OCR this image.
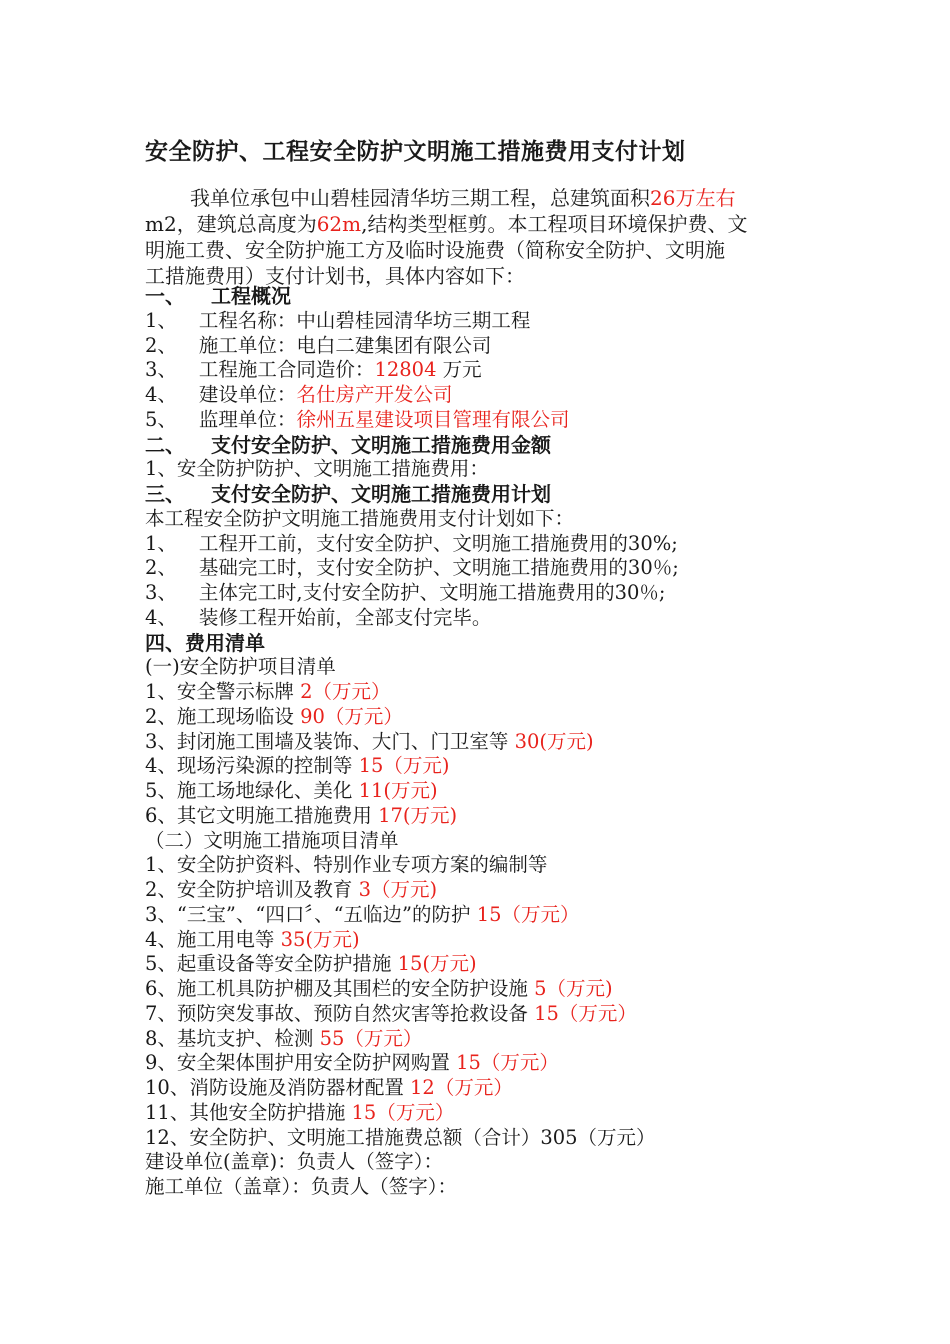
安全防护、工程安全防护文明施工措施费用支付计划

我单位承包中山碧桂园清华坊三期工程，总建筑面积26万左右

m2，建筑总高度为62m,结构类型框剪。本工程项目环境保护费、文

明施工费、安全防护施工方及临时设施费（简称安全防护、文明施

工措施费用）支付计划书，具体内容如下：

一、 工程概况
1、 工程名称：中山碧桂园清华坊三期工程
2、 施工单位：电白二建集团有限公司
3、 工程施工合同造价：12804 万元
4、 建设单位：名仕房产开发公司
5、 监理单位：徐州五星建设项目管理有限公司
二、 支付安全防护、文明施工措施费用金额
1、安全防护防护、文明施工措施费用：
三、 支付安全防护、文明施工措施费用计划
本工程安全防护文明施工措施费用支付计划如下：
1、 工程开工前，支付安全防护、文明施工措施费用的30%;
2、 基础完工时，支付安全防护、文明施工措施费用的30％;
3、 主体完工时,支付安全防护、文明施工措施费用的30％;
4、 装修工程开始前，全部支付完毕。
四、费用清单
(一)安全防护项目清单
1、安全警示标牌 2（万元）
2、施工现场临设 90（万元）
3、封闭施工围墙及装饰、大门、门卫室等 30(万元)
4、现场污染源的控制等 15（万元)
5、施工场地绿化、美化 11(万元)
6、其它文明施工措施费用 17(万元)
（二）文明施工措施项目清单
1、安全防护资料、特别作业专项方案的编制等
2、安全防护培训及教育 3（万元)
3、“三宝”、“四口〞、“五临边”的防护 15（万元）
4、施工用电等 35(万元)
5、起重设备等安全防护措施 15(万元)
6、施工机具防护棚及其围栏的安全防护设施 5（万元)
7、预防突发事故、预防自然灾害等抢救设备 15（万元）
8、基坑支护、检测 55（万元）
9、安全架体围护用安全防护网购置 15（万元）
10、消防设施及消防器材配置 12（万元）
11、其他安全防护措施 15（万元）
12、安全防护、文明施工措施费总额（合计）305（万元）
建设单位(盖章)：负责人（签字）：
施工单位（盖章）：负责人（签字）：
